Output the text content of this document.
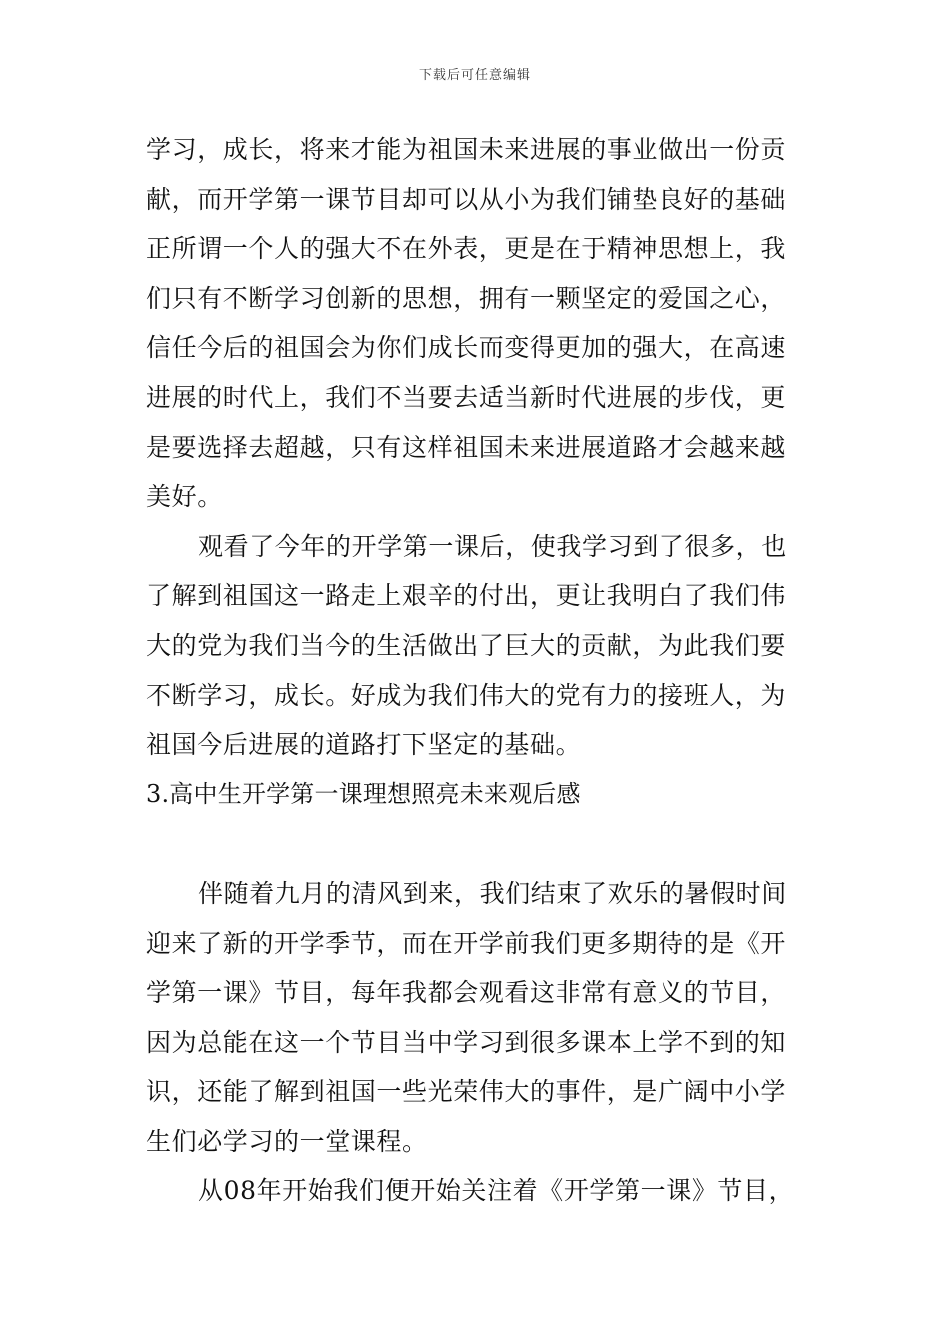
下载后可任意编辑
学习，成长，将来才能为祖国未来进展的事业做出一份贡
献，而开学第一课节目却可以从小为我们铺垫良好的基础
正所谓一个人的强大不在外表，更是在于精神思想上，我
们只有不断学习创新的思想，拥有一颗坚定的爱国之心，
信任今后的祖国会为你们成长而变得更加的强大，在高速
进展的时代上，我们不当要去适当新时代进展的步伐，更
是要选择去超越，只有这样祖国未来进展道路才会越来越
美好。
观看了今年的开学第一课后，使我学习到了很多，也
了解到祖国这一路走上艰辛的付出，更让我明白了我们伟
大的党为我们当今的生活做出了巨大的贡献，为此我们要
不断学习，成长。好成为我们伟大的党有力的接班人，为
祖国今后进展的道路打下坚定的基础。
3.高中生开学第一课理想照亮未来观后感
伴随着九月的清风到来，我们结束了欢乐的暑假时间
迎来了新的开学季节，而在开学前我们更多期待的是《开
学第一课》节目，每年我都会观看这非常有意义的节目，
因为总能在这一个节目当中学习到很多课本上学不到的知
识，还能了解到祖国一些光荣伟大的事件，是广阔中小学
生们必学习的一堂课程。
从08年开始我们便开始关注着《开学第一课》节目，
